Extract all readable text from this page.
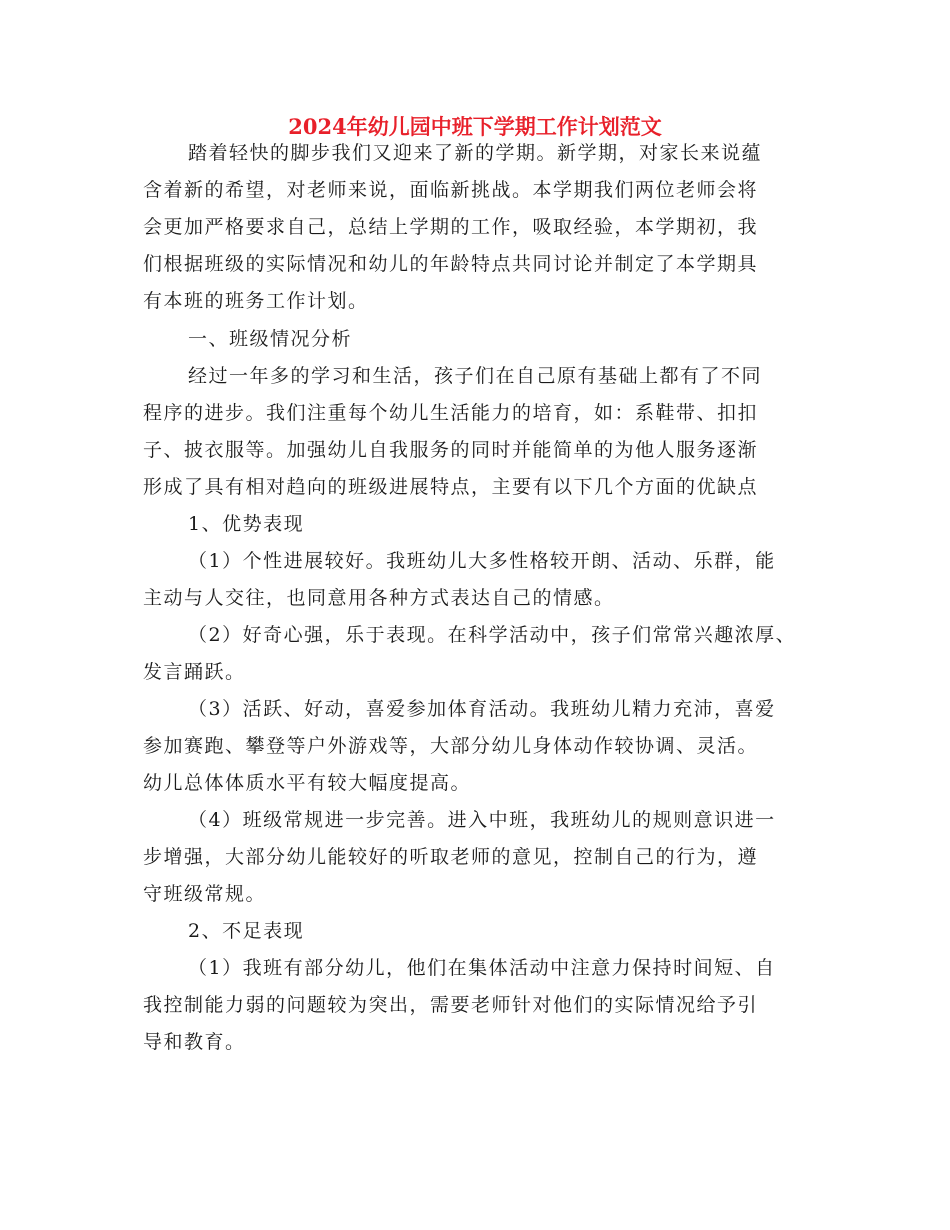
2024年幼儿园中班下学期工作计划范文
踏着轻快的脚步我们又迎来了新的学期。新学期，对家长来说蕴
含着新的希望，对老师来说，面临新挑战。本学期我们两位老师会将
会更加严格要求自己，总结上学期的工作，吸取经验，本学期初，我
们根据班级的实际情况和幼儿的年龄特点共同讨论并制定了本学期具
有本班的班务工作计划。
一、班级情况分析
经过一年多的学习和生活，孩子们在自己原有基础上都有了不同
程序的进步。我们注重每个幼儿生活能力的培育，如：系鞋带、扣扣
子、披衣服等。加强幼儿自我服务的同时并能简单的为他人服务逐渐
形成了具有相对趋向的班级进展特点，主要有以下几个方面的优缺点
1、优势表现
（1）个性进展较好。我班幼儿大多性格较开朗、活动、乐群，能
主动与人交往，也同意用各种方式表达自己的情感。
（2）好奇心强，乐于表现。在科学活动中，孩子们常常兴趣浓厚、
发言踊跃。
（3）活跃、好动，喜爱参加体育活动。我班幼儿精力充沛，喜爱
参加赛跑、攀登等户外游戏等，大部分幼儿身体动作较协调、灵活。
幼儿总体体质水平有较大幅度提高。
（4）班级常规进一步完善。进入中班，我班幼儿的规则意识进一
步增强，大部分幼儿能较好的听取老师的意见，控制自己的行为，遵
守班级常规。
2、不足表现
（1）我班有部分幼儿，他们在集体活动中注意力保持时间短、自
我控制能力弱的问题较为突出，需要老师针对他们的实际情况给予引
导和教育。
